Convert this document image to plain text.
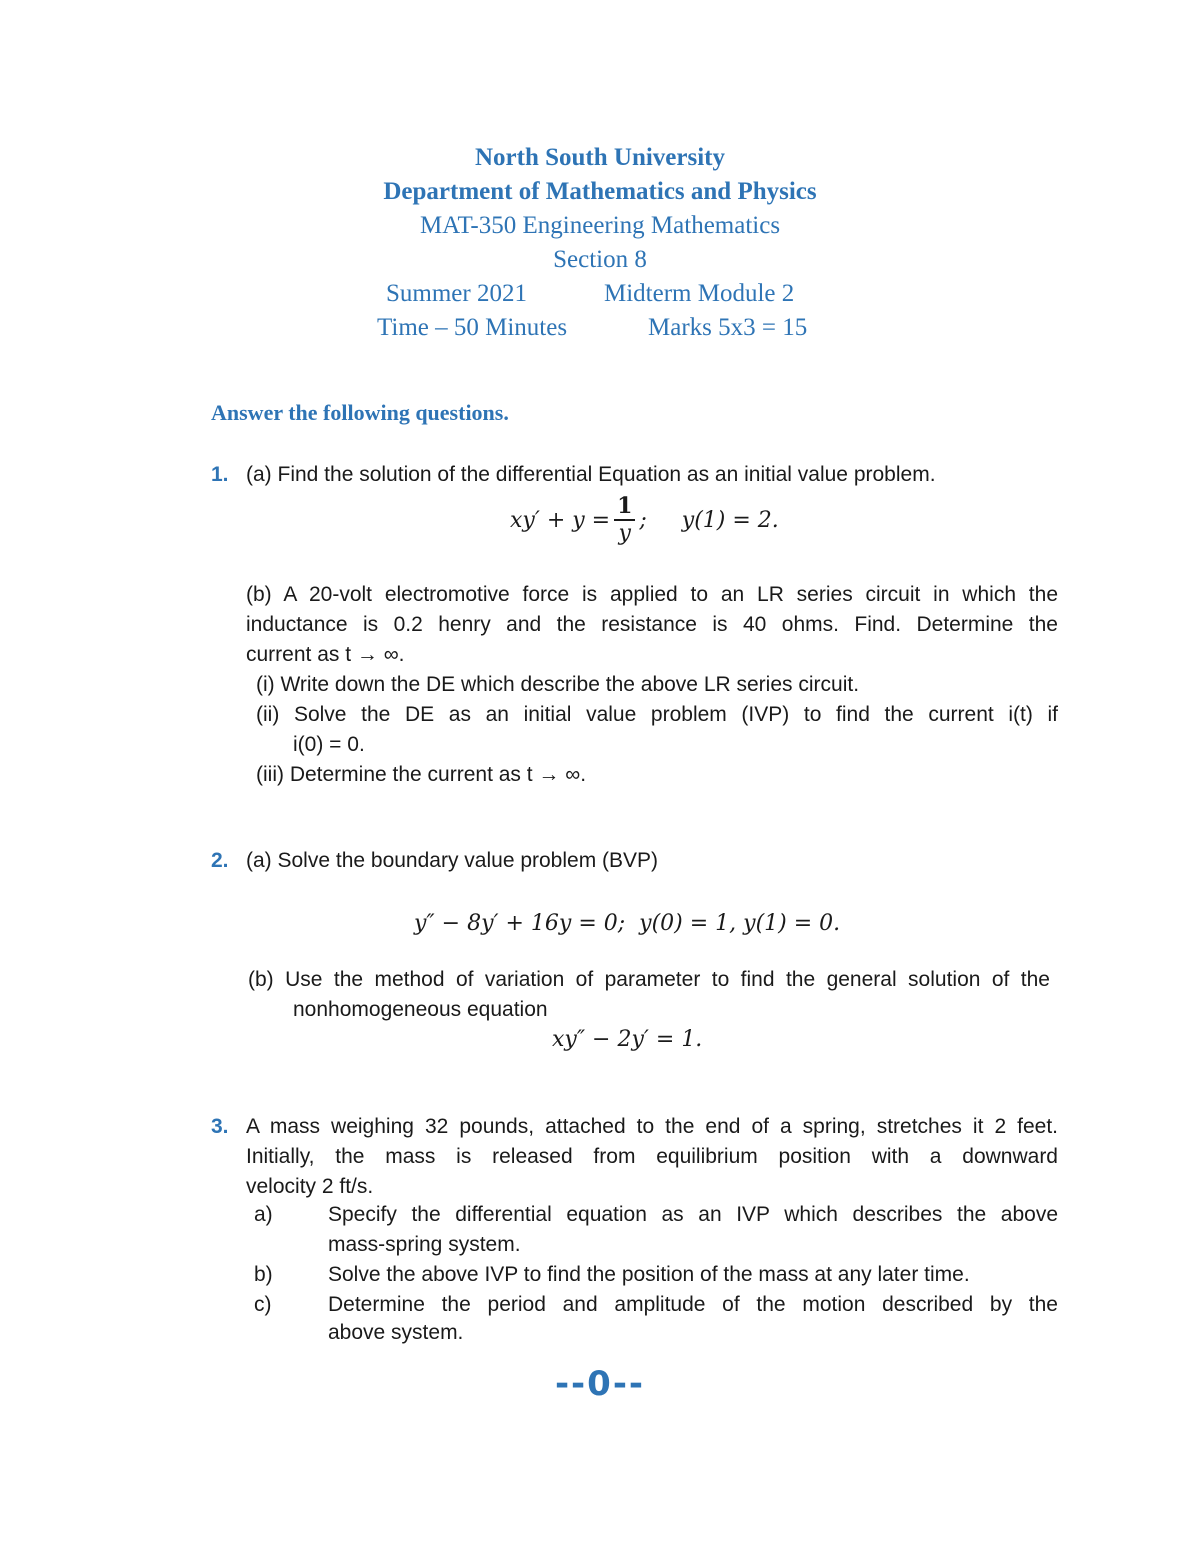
North South University
Department of Mathematics and Physics
MAT-350 Engineering Mathematics
Section 8
Summer 2021	Midterm Module 2
Time – 50 Minutes	Marks 5x3 = 15
Answer the following questions.
1. (a) Find the solution of the differential Equation as an initial value problem.
$xy' + y = \frac{1}{y}$ ;     y(1) = 2.
(b) A 20-volt electromotive force is applied to an LR series circuit in which the
inductance is 0.2 henry and the resistance is 40 ohms. Find. Determine the
current as t → ∞.
(i) Write down the DE which describe the above LR series circuit.
(ii) Solve the DE as an initial value problem (IVP) to find the current i(t) if
i(0) = 0.
(iii) Determine the current as t → ∞.
2. (a) Solve the boundary value problem (BVP)
y″ − 8y′ + 16y = 0;  y(0) = 1, y(1) = 0.
(b) Use the method of variation of parameter to find the general solution of the
nonhomogeneous equation
xy″ − 2y′ = 1.
3. A mass weighing 32 pounds, attached to the end of a spring, stretches it 2 feet.
Initially, the mass is released from equilibrium position with a downward
velocity 2 ft/s.
a)	Specify the differential equation as an IVP which describes the above
mass-spring system.
b)	Solve the above IVP to find the position of the mass at any later time.
c)	Determine the period and amplitude of the motion described by the
above system.
--0--
